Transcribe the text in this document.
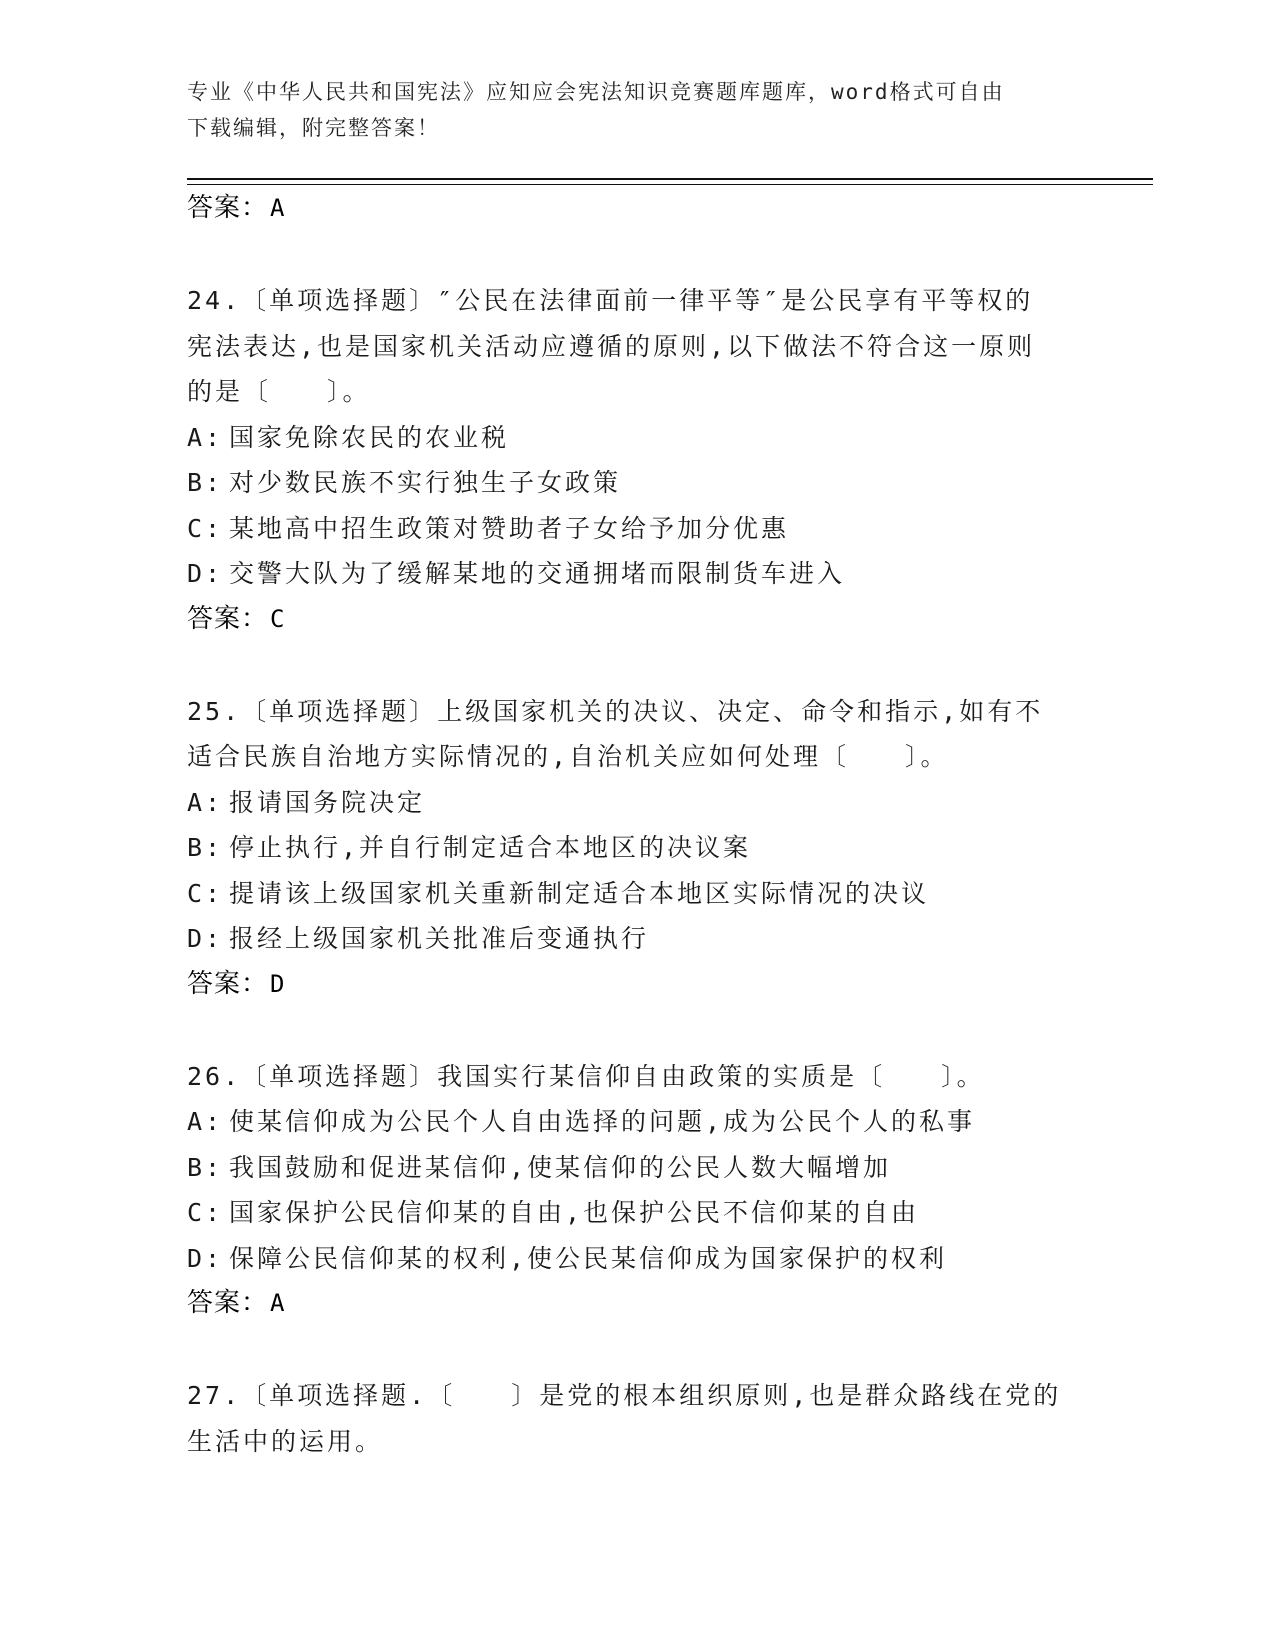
专业《中华人民共和国宪法》应知应会宪法知识竞赛题库题库，word格式可自由
下载编辑，附完整答案！
答案：A
24.〔单项选择题〕″公民在法律面前一律平等″是公民享有平等权的
宪法表达,也是国家机关活动应遵循的原则,以下做法不符合这一原则
的是〔　　〕。
A: 国家免除农民的农业税
B: 对少数民族不实行独生子女政策
C: 某地高中招生政策对赞助者子女给予加分优惠
D: 交警大队为了缓解某地的交通拥堵而限制货车进入
答案：C
25.〔单项选择题〕上级国家机关的决议、决定、命令和指示,如有不
适合民族自治地方实际情况的,自治机关应如何处理〔　　〕。
A: 报请国务院决定
B: 停止执行,并自行制定适合本地区的决议案
C: 提请该上级国家机关重新制定适合本地区实际情况的决议
D: 报经上级国家机关批准后变通执行
答案：D
26.〔单项选择题〕我国实行某信仰自由政策的实质是〔　　〕。
A: 使某信仰成为公民个人自由选择的问题,成为公民个人的私事
B: 我国鼓励和促进某信仰,使某信仰的公民人数大幅增加
C: 国家保护公民信仰某的自由,也保护公民不信仰某的自由
D: 保障公民信仰某的权利,使公民某信仰成为国家保护的权利
答案：A
27.〔单项选择题.〔　　〕是党的根本组织原则,也是群众路线在党的
生活中的运用。
